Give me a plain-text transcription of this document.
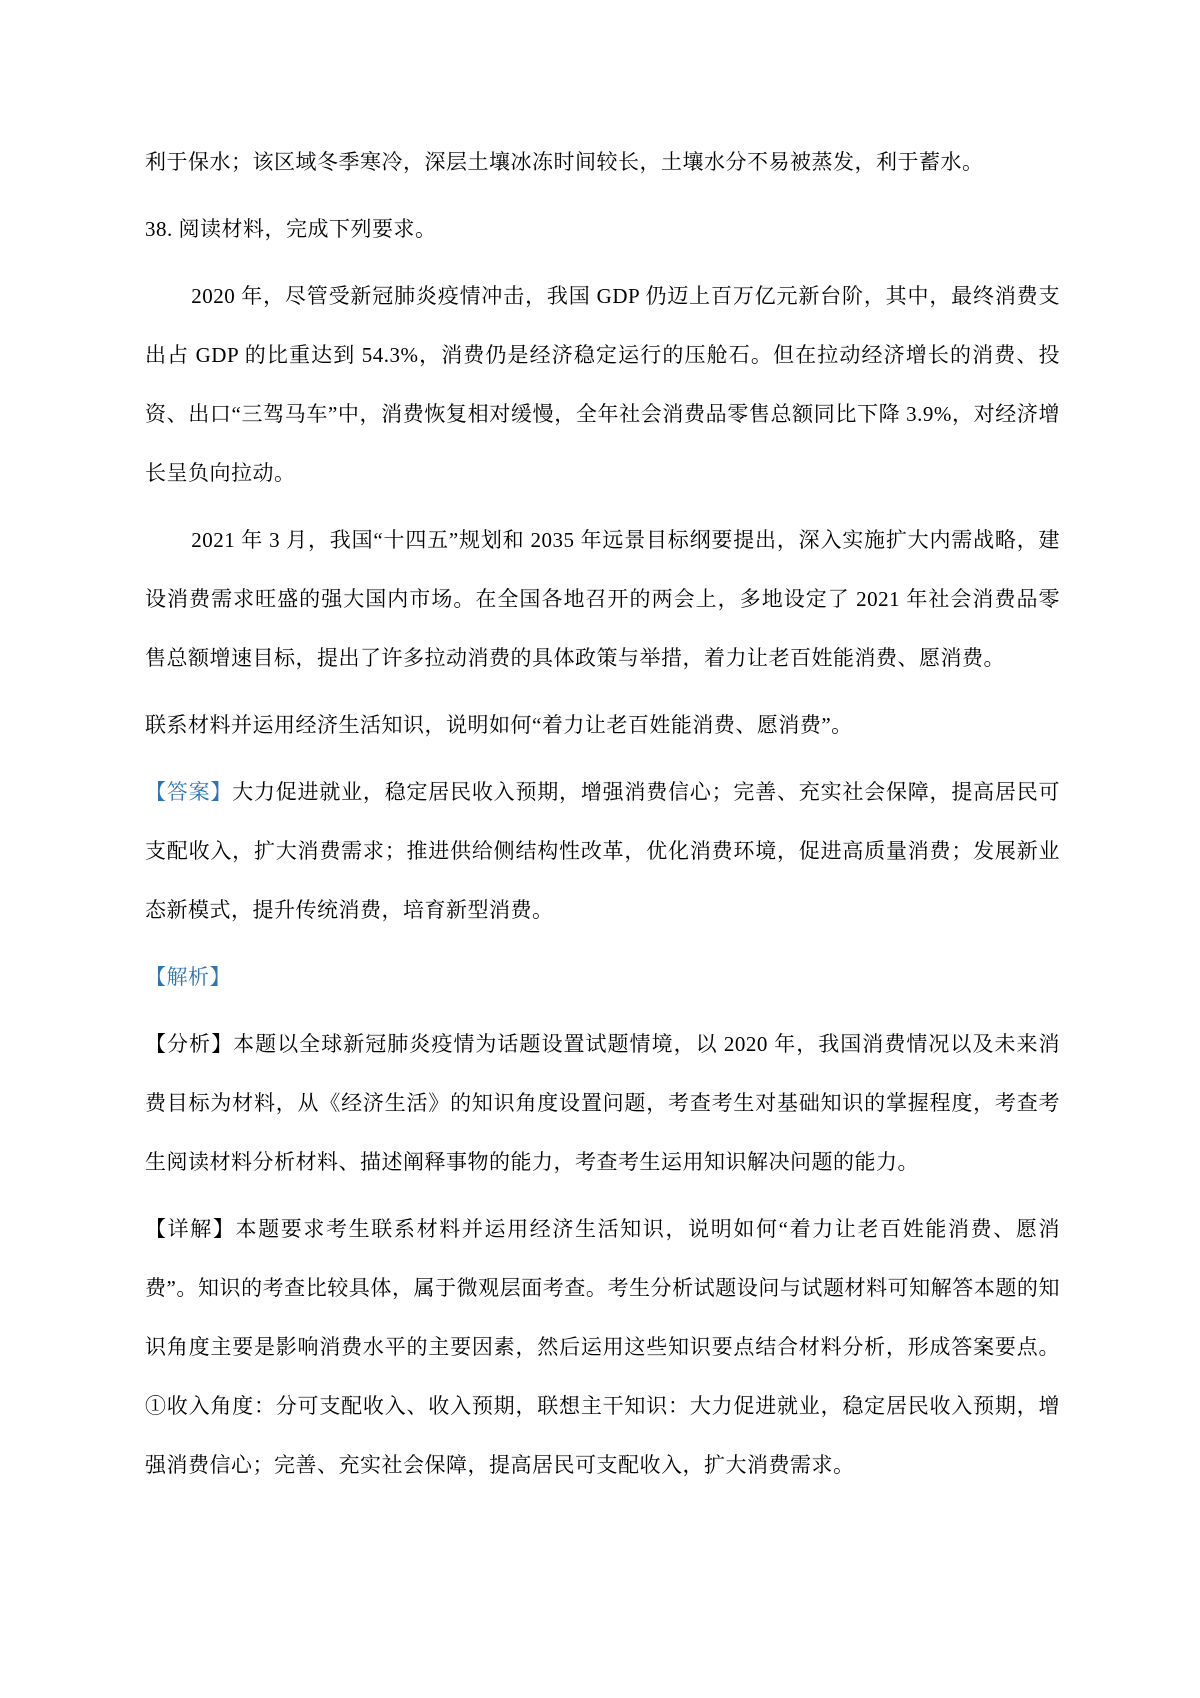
利于保水；该区域冬季寒冷，深层土壤冰冻时间较长，土壤水分不易被蒸发，利于蓄水。

38. 阅读材料，完成下列要求。

2020 年，尽管受新冠肺炎疫情冲击，我国 GDP 仍迈上百万亿元新台阶，其中，最终消费支出占 GDP 的比重达到 54.3%，消费仍是经济稳定运行的压舱石。但在拉动经济增长的消费、投资、出口“三驾马车”中，消费恢复相对缓慢，全年社会消费品零售总额同比下降 3.9%，对经济增长呈负向拉动。

2021 年 3 月，我国“十四五”规划和 2035 年远景目标纲要提出，深入实施扩大内需战略，建设消费需求旺盛的强大国内市场。在全国各地召开的两会上，多地设定了 2021 年社会消费品零售总额增速目标，提出了许多拉动消费的具体政策与举措，着力让老百姓能消费、愿消费。

联系材料并运用经济生活知识，说明如何“着力让老百姓能消费、愿消费”。

【答案】大力促进就业，稳定居民收入预期，增强消费信心；完善、充实社会保障，提高居民可支配收入，扩大消费需求；推进供给侧结构性改革，优化消费环境，促进高质量消费；发展新业态新模式，提升传统消费，培育新型消费。

【解析】

【分析】本题以全球新冠肺炎疫情为话题设置试题情境，以 2020 年，我国消费情况以及未来消费目标为材料，从《经济生活》的知识角度设置问题，考查考生对基础知识的掌握程度，考查考生阅读材料分析材料、描述阐释事物的能力，考查考生运用知识解决问题的能力。

【详解】本题要求考生联系材料并运用经济生活知识，说明如何“着力让老百姓能消费、愿消费”。知识的考查比较具体，属于微观层面考查。考生分析试题设问与试题材料可知解答本题的知识角度主要是影响消费水平的主要因素，然后运用这些知识要点结合材料分析，形成答案要点。①收入角度：分可支配收入、收入预期，联想主干知识：大力促进就业，稳定居民收入预期，增强消费信心；完善、充实社会保障，提高居民可支配收入，扩大消费需求。
